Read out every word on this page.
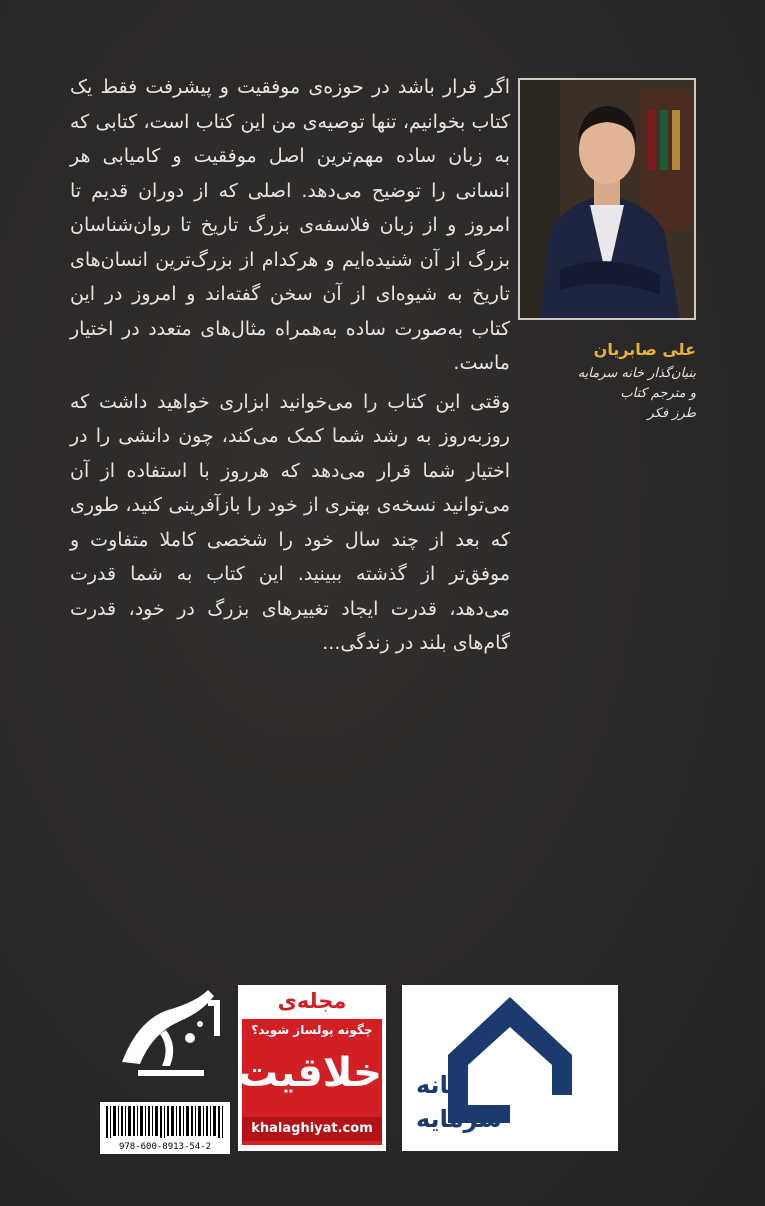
اگر قرار باشد در حوزه‌ی موفقیت و پیشرفت فقط یک کتاب بخوانیم، تنها توصیه‌ی من این کتاب است، کتابی که به زبان ساده مهم‌ترین اصل موفقیت و کامیابی هر انسانی را توضیح می‌دهد. اصلی که از دوران قدیم تا امروز و از زبان فلاسفه‌ی بزرگ تاریخ تا روان‌شناسان بزرگ از آن شنیده‌ایم و هرکدام از بزرگ‌ترین انسان‌های تاریخ به شیوه‌ای از آن سخن گفته‌اند و امروز در این کتاب به‌صورت ساده به‌همراه مثال‌های متعدد در اختیار ماست.

وقتی این کتاب را می‌خوانید ابزاری خواهید داشت که روزبه‌روز به رشد شما کمک می‌کند، چون دانشی را در اختیار شما قرار می‌دهد که هرروز با استفاده از آن می‌توانید نسخه‌ی بهتری از خود را بازآفرینی کنید، طوری که بعد از چند سال خود را شخصی کاملا متفاوت و موفق‌تر از گذشته ببینید. این کتاب به شما قدرت می‌دهد، قدرت ایجاد تغییرهای بزرگ در خود، قدرت گام‌های بلند در زندگی...

علی صابریان
بنیان‌گذار خانه سرمایه
و مترجم کتاب
طرز فکر
خانه
سرمایه
مجله‌ی
چگونه پولساز شوید؟
خلاقیت
khalaghiyat.com
978-600-8913-54-2
